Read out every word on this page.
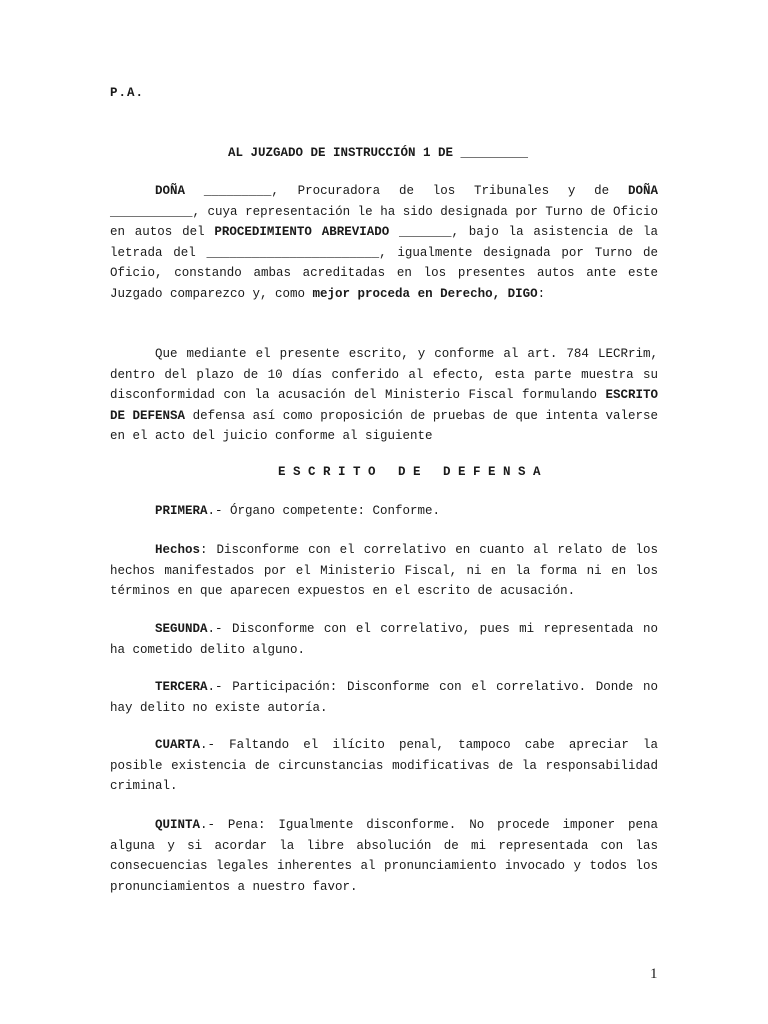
P.A.
AL JUZGADO DE INSTRUCCIÓN 1 DE _________

DOÑA _________, Procuradora de los Tribunales y de DOÑA ___________, cuya representación le ha sido designada por Turno de Oficio en autos del PROCEDIMIENTO ABREVIADO _______, bajo la asistencia de la letrada del _______________________, igualmente designada por Turno de Oficio, constando ambas acreditadas en los presentes autos ante este Juzgado comparezco y, como mejor proceda en Derecho, DIGO:

Que mediante el presente escrito, y conforme al art. 784 LECRrim, dentro del plazo de 10 días conferido al efecto, esta parte muestra su disconformidad con la acusación del Ministerio Fiscal formulando ESCRITO DE DEFENSA defensa así como proposición de pruebas de que intenta valerse en el acto del juicio conforme al siguiente

ESCRITO DE DEFENSA

PRIMERA.- Órgano competente: Conforme.

Hechos: Disconforme con el correlativo en cuanto al relato de los hechos manifestados por el Ministerio Fiscal, ni en la forma ni en los términos en que aparecen expuestos en el escrito de acusación.

SEGUNDA.- Disconforme con el correlativo, pues mi representada no ha cometido delito alguno.

TERCERA.- Participación: Disconforme con el correlativo. Donde no hay delito no existe autoría.

CUARTA.- Faltando el ilícito penal, tampoco cabe apreciar la posible existencia de circunstancias modificativas de la responsabilidad criminal.

QUINTA.- Pena: Igualmente disconforme. No procede imponer pena alguna y si acordar la libre absolución de mi representada con las consecuencias legales inherentes al pronunciamiento invocado y todos los pronunciamientos a nuestro favor.

1
